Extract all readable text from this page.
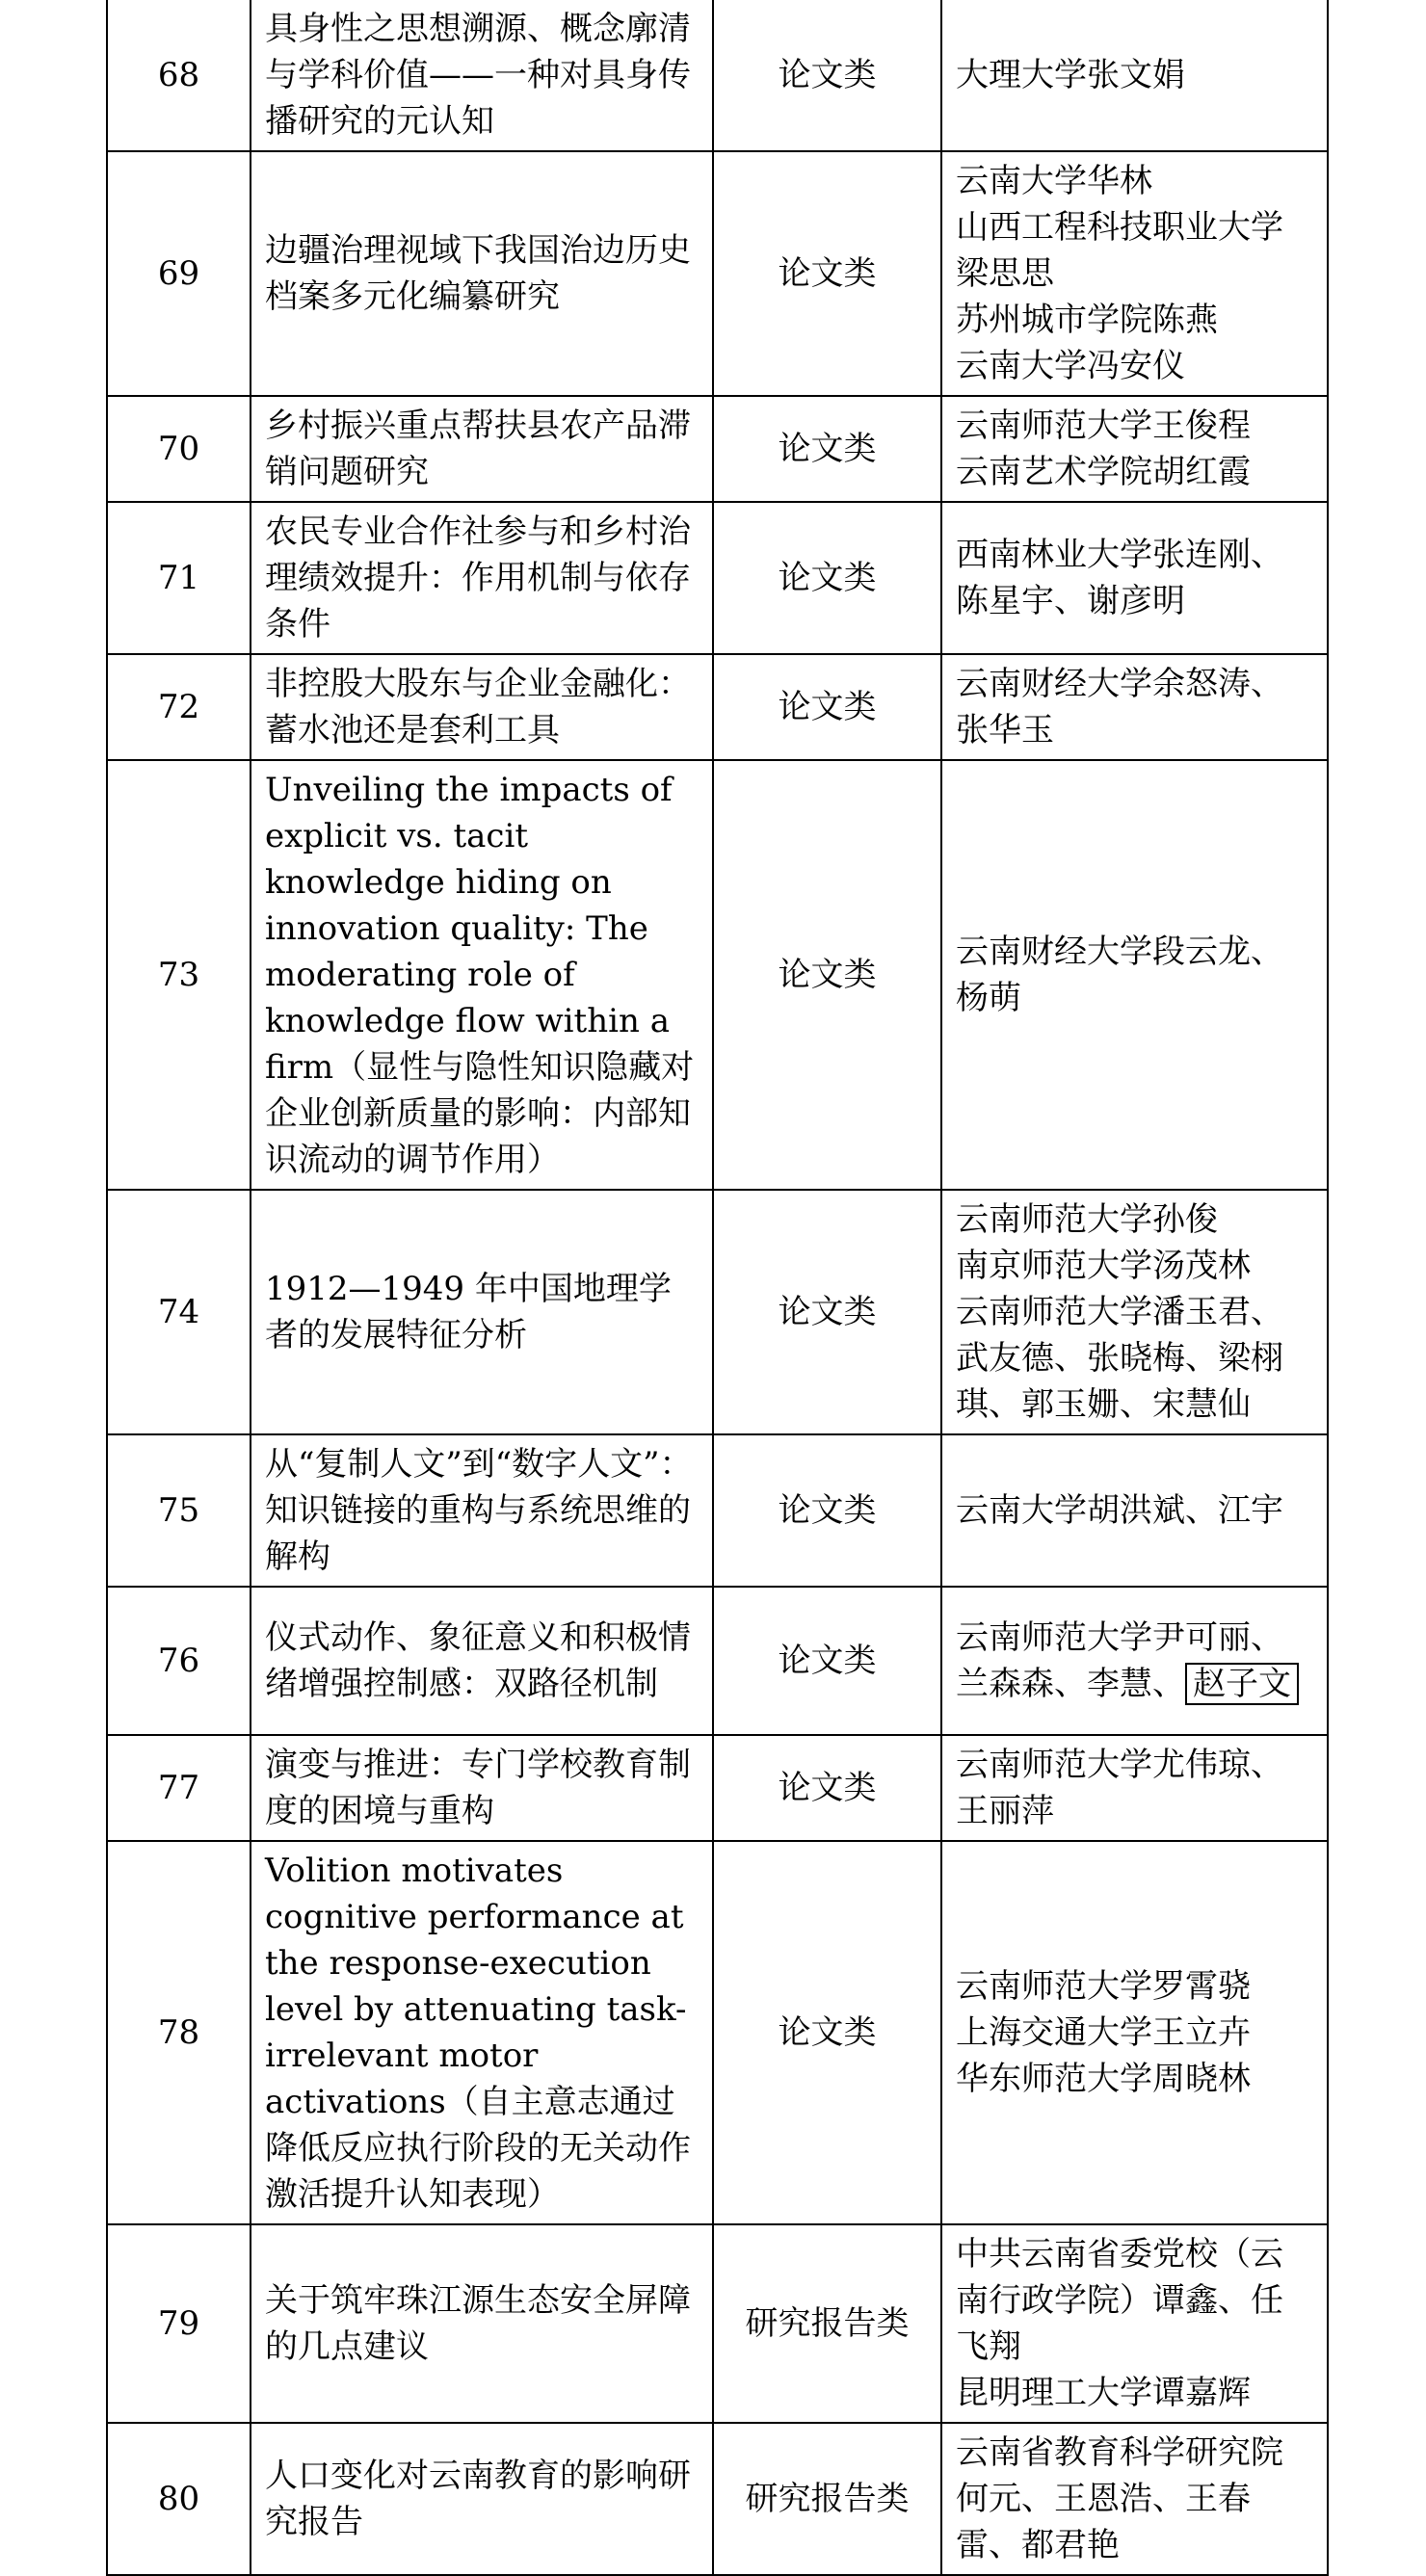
68	具身性之思想溯源、概念廓清与学科价值——一种对具身传播研究的元认知	论文类	大理大学张文娟

69	边疆治理视域下我国治边历史档案多元化编纂研究	论文类	云南大学华林
山西工程科技职业大学梁思思
苏州城市学院陈燕
云南大学冯安仪

70	乡村振兴重点帮扶县农产品滞销问题研究	论文类	云南师范大学王俊程
云南艺术学院胡红霞

71	农民专业合作社参与和乡村治理绩效提升：作用机制与依存条件	论文类	西南林业大学张连刚、陈星宇、谢彦明

72	非控股大股东与企业金融化：蓄水池还是套利工具	论文类	云南财经大学余怒涛、张华玉

73	Unveiling the impacts of explicit vs. tacit knowledge hiding on innovation quality: The moderating role of knowledge flow within a firm（显性与隐性知识隐藏对企业创新质量的影响：内部知识流动的调节作用）	论文类	云南财经大学段云龙、杨萌

74	1912—1949 年中国地理学者的发展特征分析	论文类	云南师范大学孙俊
南京师范大学汤茂林
云南师范大学潘玉君、武友德、张晓梅、梁栩琪、郭玉姗、宋慧仙

75	从“复制人文”到“数字人文”：知识链接的重构与系统思维的解构	论文类	云南大学胡洪斌、江宇

76	仪式动作、象征意义和积极情绪增强控制感：双路径机制	论文类	云南师范大学尹可丽、兰森森、李慧、 赵子文
77	演变与推进：专门学校教育制度的困境与重构	论文类	云南师范大学尤伟琼、王丽萍

78	Volition motivates cognitive performance at the response-execution level by attenuating task-irrelevant motor activations（自主意志通过降低反应执行阶段的无关动作激活提升认知表现）	论文类	云南师范大学罗霄骁
上海交通大学王立卉
华东师范大学周晓林

79	关于筑牢珠江源生态安全屏障的几点建议	研究报告类	中共云南省委党校（云南行政学院）谭鑫、任飞翔
昆明理工大学谭嘉辉

80	人口变化对云南教育的影响研究报告	研究报告类	云南省教育科学研究院何元、王恩浩、王春雷、都君艳
